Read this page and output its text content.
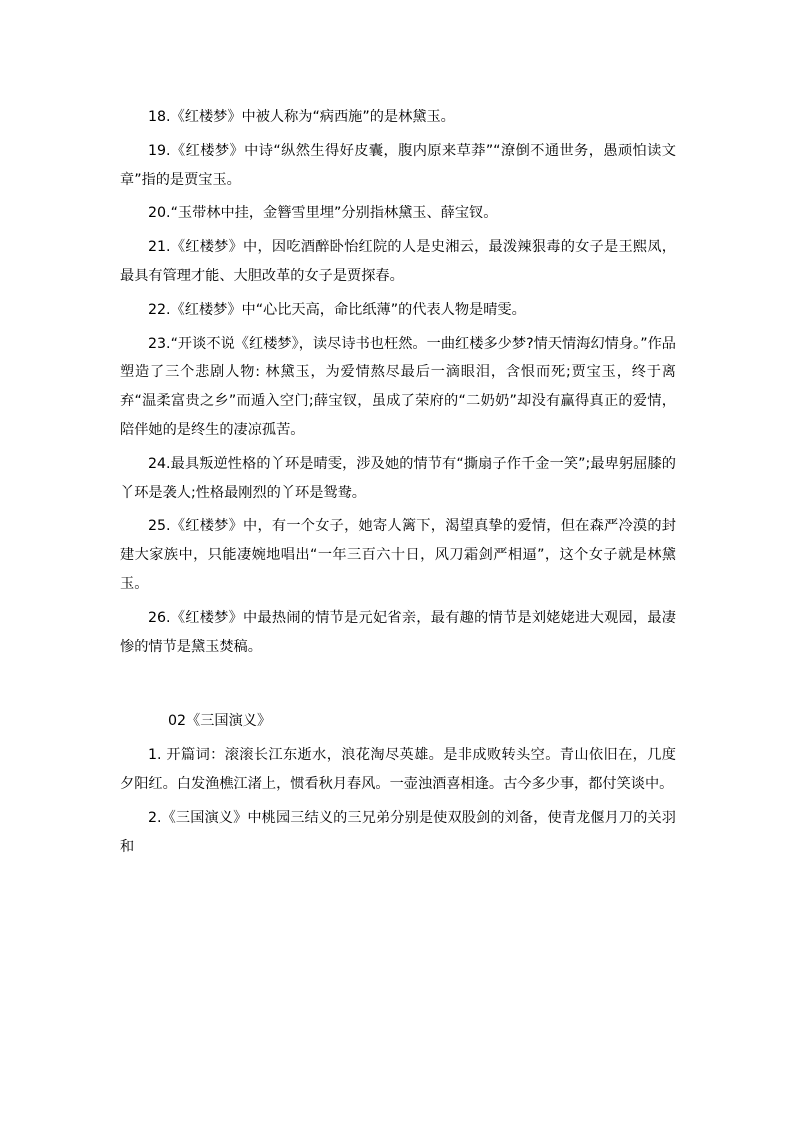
18.《红楼梦》中被人称为“病西施”的是林黛玉。

19.《红楼梦》中诗“纵然生得好皮囊，腹内原来草莽”“潦倒不通世务，愚顽怕读文章”指的是贾宝玉。

20.“玉带林中挂，金簪雪里埋”分别指林黛玉、薛宝钗。

21.《红楼梦》中，因吃酒醉卧怡红院的人是史湘云，最泼辣狠毒的女子是王熙凤，最具有管理才能、大胆改革的女子是贾探春。

22.《红楼梦》中“心比天高，命比纸薄”的代表人物是晴雯。

23.“开谈不说《红楼梦》，读尽诗书也枉然。一曲红楼多少梦?情天情海幻情身。”作品塑造了三个悲剧人物: 林黛玉，为爱情熬尽最后一滴眼泪，含恨而死;贾宝玉，终于离弃“温柔富贵之乡”而遁入空门;薛宝钗，虽成了荣府的“二奶奶”却没有赢得真正的爱情，陪伴她的是终生的凄凉孤苦。

24.最具叛逆性格的丫环是晴雯，涉及她的情节有“撕扇子作千金一笑”;最卑躬屈膝的丫环是袭人;性格最刚烈的丫环是鸳鸯。

25.《红楼梦》中，有一个女子，她寄人篱下，渴望真挚的爱情，但在森严冷漠的封建大家族中，只能凄婉地唱出“一年三百六十日，风刀霜剑严相逼”，这个女子就是林黛玉。

26.《红楼梦》中最热闹的情节是元妃省亲，最有趣的情节是刘姥姥进大观园，最凄惨的情节是黛玉焚稿。

02《三国演义》

1. 开篇词：滚滚长江东逝水，浪花淘尽英雄。是非成败转头空。青山依旧在，几度夕阳红。白发渔樵江渚上，惯看秋月春风。一壶浊酒喜相逢。古今多少事，都付笑谈中。

2.《三国演义》中桃园三结义的三兄弟分别是使双股剑的刘备，使青龙偃月刀的关羽和
